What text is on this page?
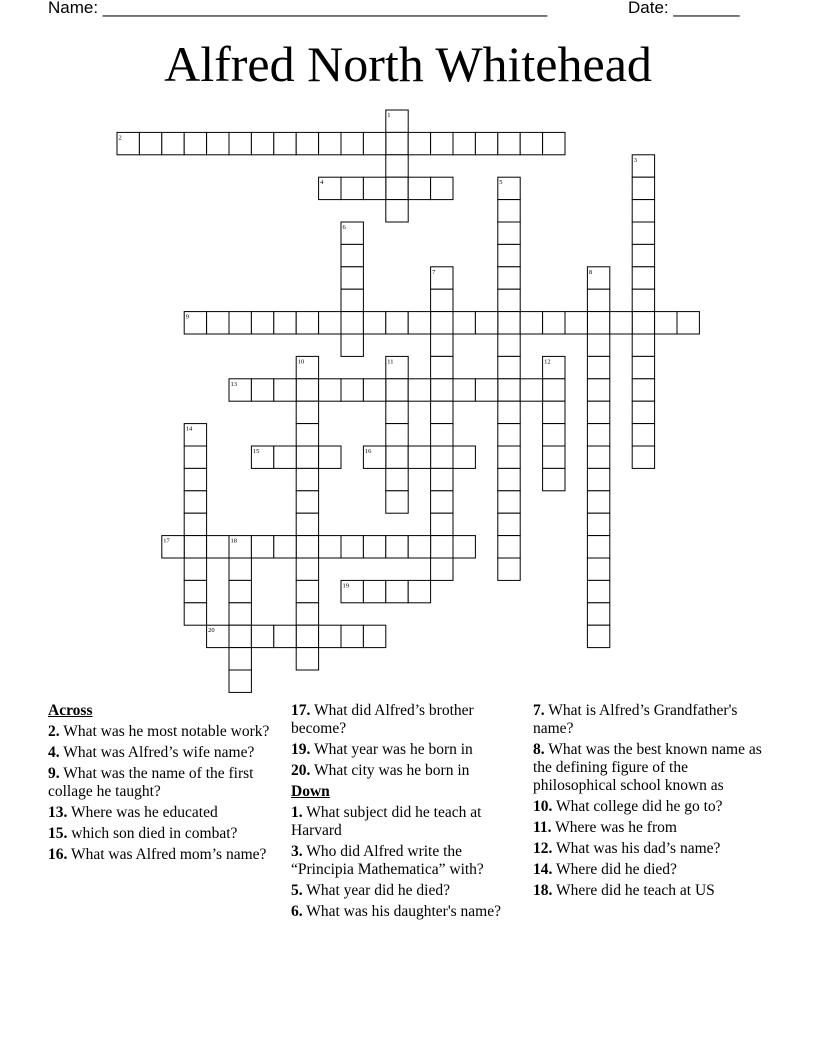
Name: _______________________________________________	Date: _______
Alfred North Whitehead
1
2
3
4	5
6
7	8
9
10	11	12
13
14
15	16
17	18
19
20
Across
2. What was he most notable work?
4. What was Alfred’s wife name?
9. What was the name of the first collage he taught?
13. Where was he educated
15. which son died in combat?
16. What was Alfred mom’s name?
17. What did Alfred’s brother become?
19. What year was he born in
20. What city was he born in
Down
1. What subject did he teach at Harvard
3. Who did Alfred write the “Principia Mathematica” with?
5. What year did he died?
6. What was his daughter's name?
7. What is Alfred’s Grandfather's name?
8. What was the best known name as the defining figure of the philosophical school known as
10. What college did he go to?
11. Where was he from
12. What was his dad’s name?
14. Where did he died?
18. Where did he teach at US
